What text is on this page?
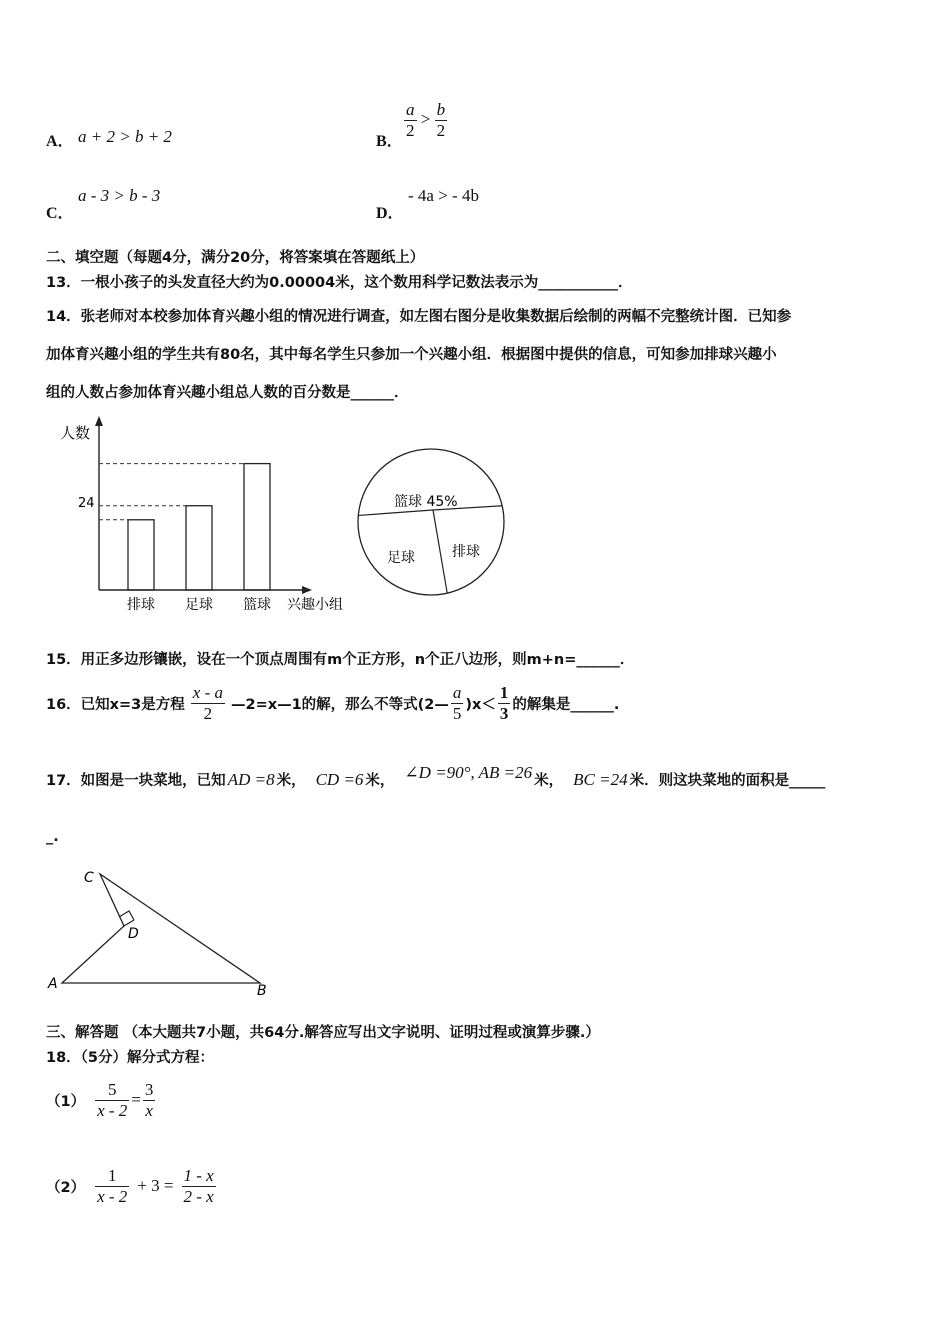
A． a + 2 > b + 2	B．
$\frac{a}{2} > \frac{b}{2}$
C．
a - 3 > b - 3
D．
- 4a > - 4b
二、填空题（每题4分，满分20分，将答案填在答题纸上）
13．一根小孩子的头发直径大约为0.00004米，这个数用科学记数法表示为___________．
14．张老师对本校参加体育兴趣小组的情况进行调查，如左图右图分是收集数据后绘制的两幅不完整统计图．已知参
加体育兴趣小组的学生共有80名，其中每名学生只参加一个兴趣小组．根据图中提供的信息，可知参加排球兴趣小
组的人数占参加体育兴趣小组总人数的百分数是______．
人数
兴趣小组
24
排球 足球 篮球
篮球 45%
排球
足球
15．用正多边形镶嵌，设在一个顶点周围有m个正方形，n个正八边形，则m+n=______．
16．已知x=3是方程 $\frac{x - a}{2}$ —2=x—1的解，那么不等式(2— $\frac{a}{5} )x< \frac{1}{3}$ 的解集是______.
17．如图是一块菜地，已知 AD =8 米， CD =6 米， ∠D =90°, AB =26 米， BC =24 米．则这块菜地的面积是_____
_.
C
D
A	B
三、解答题 （本大题共7小题，共64分.解答应写出文字说明、证明过程或演算步骤.）
18．（5分）解分式方程：
$(1) \frac{5}{x - 2} = \frac{3}{x}$
$(2) \frac{1}{x - 2} + 3 = \frac{1 - x}{2 - x}$
